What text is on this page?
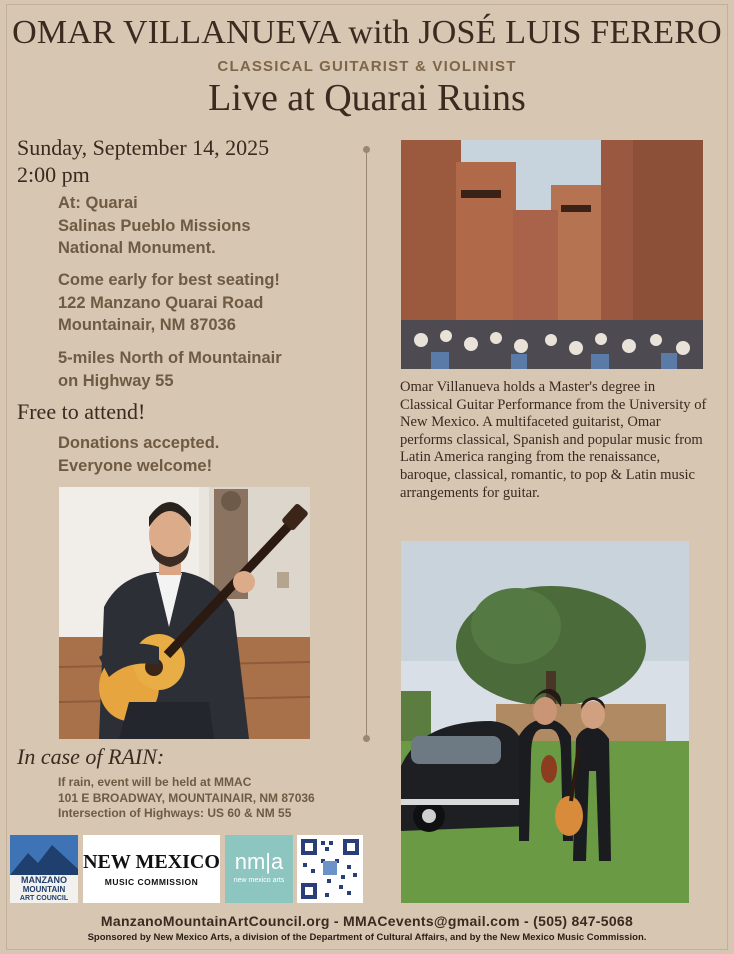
OMAR VILLANUEVA with JOSÉ LUIS FERERO
CLASSICAL GUITARIST & VIOLINIST
Live at Quarai Ruins
Sunday, September 14, 2025
2:00 pm
At: Quarai
Salinas Pueblo Missions
National Monument.
Come early for best seating!
122 Manzano Quarai Road
Mountainair, NM 87036
5-miles North of Mountainair
on Highway 55
Free to attend!
Donations accepted.
Everyone welcome!
Omar Villanueva holds a Master's degree in Classical Guitar Performance from the University of New Mexico. A multifaceted guitarist, Omar performs classical, Spanish and popular music from Latin America ranging from the renaissance, baroque, classical, romantic, to pop & Latin music arrangements for guitar.
In case of RAIN:
If rain, event will be held at MMAC
101 E BROADWAY, MOUNTAINAIR, NM 87036
Intersection of Highways: US 60 & NM 55
MANZANO
MOUNTAIN
ART COUNCIL
NEW MEXICO
MUSIC COMMISSION
nm|a
new mexico arts
ManzanoMountainArtCouncil.org - MMACevents@gmail.com - (505) 847-5068
Sponsored by New Mexico Arts, a division of the Department of Cultural Affairs, and by the New Mexico Music Commission.
